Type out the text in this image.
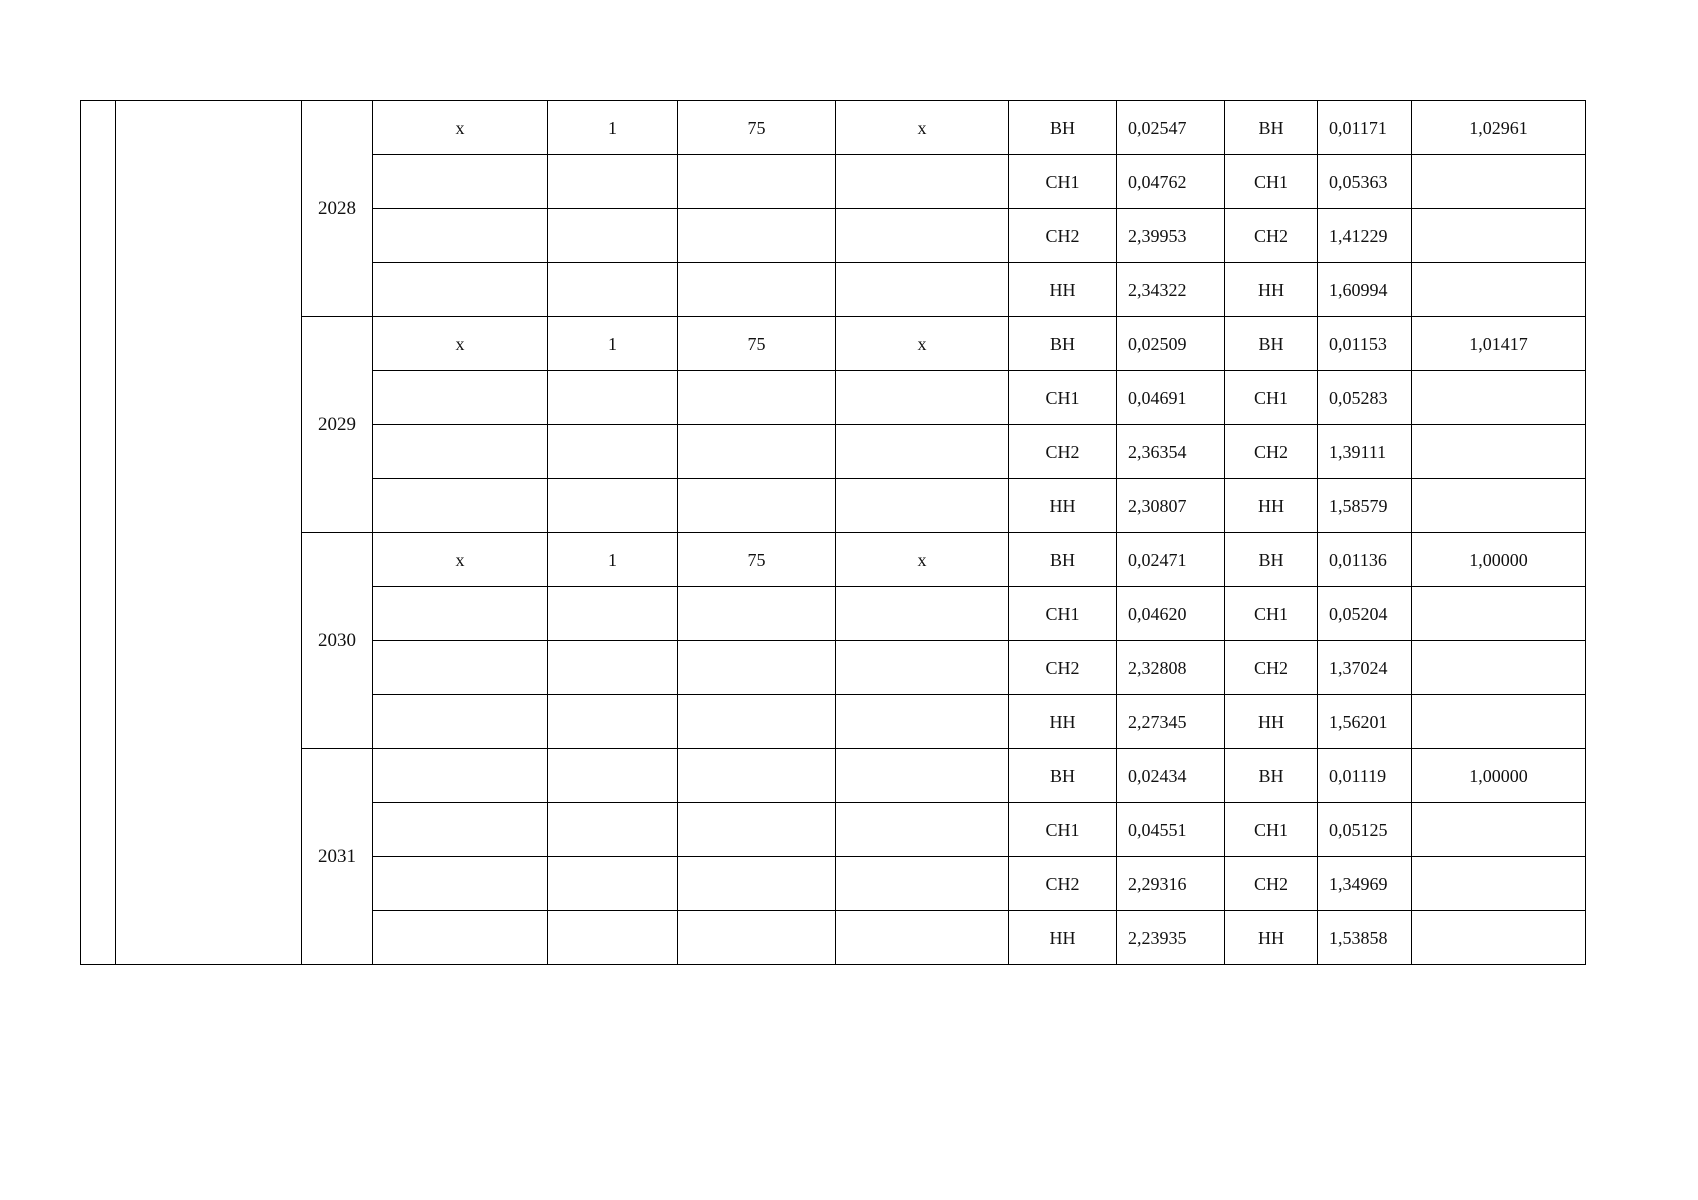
		2028	x	1	75	x	ВН	0,02547	ВН	0,01171	1,02961
							СН1	0,04762	СН1	0,05363	
							СН2	2,39953	СН2	1,41229	
							НН	2,34322	НН	1,60994	
		2029	x	1	75	x	ВН	0,02509	ВН	0,01153	1,01417
							СН1	0,04691	СН1	0,05283	
							СН2	2,36354	СН2	1,39111	
							НН	2,30807	НН	1,58579	
		2030	x	1	75	x	ВН	0,02471	ВН	0,01136	1,00000
							СН1	0,04620	СН1	0,05204	
							СН2	2,32808	СН2	1,37024	
							НН	2,27345	НН	1,56201	
		2031					ВН	0,02434	ВН	0,01119	1,00000
							СН1	0,04551	СН1	0,05125	
							СН2	2,29316	СН2	1,34969	
							НН	2,23935	НН	1,53858	
